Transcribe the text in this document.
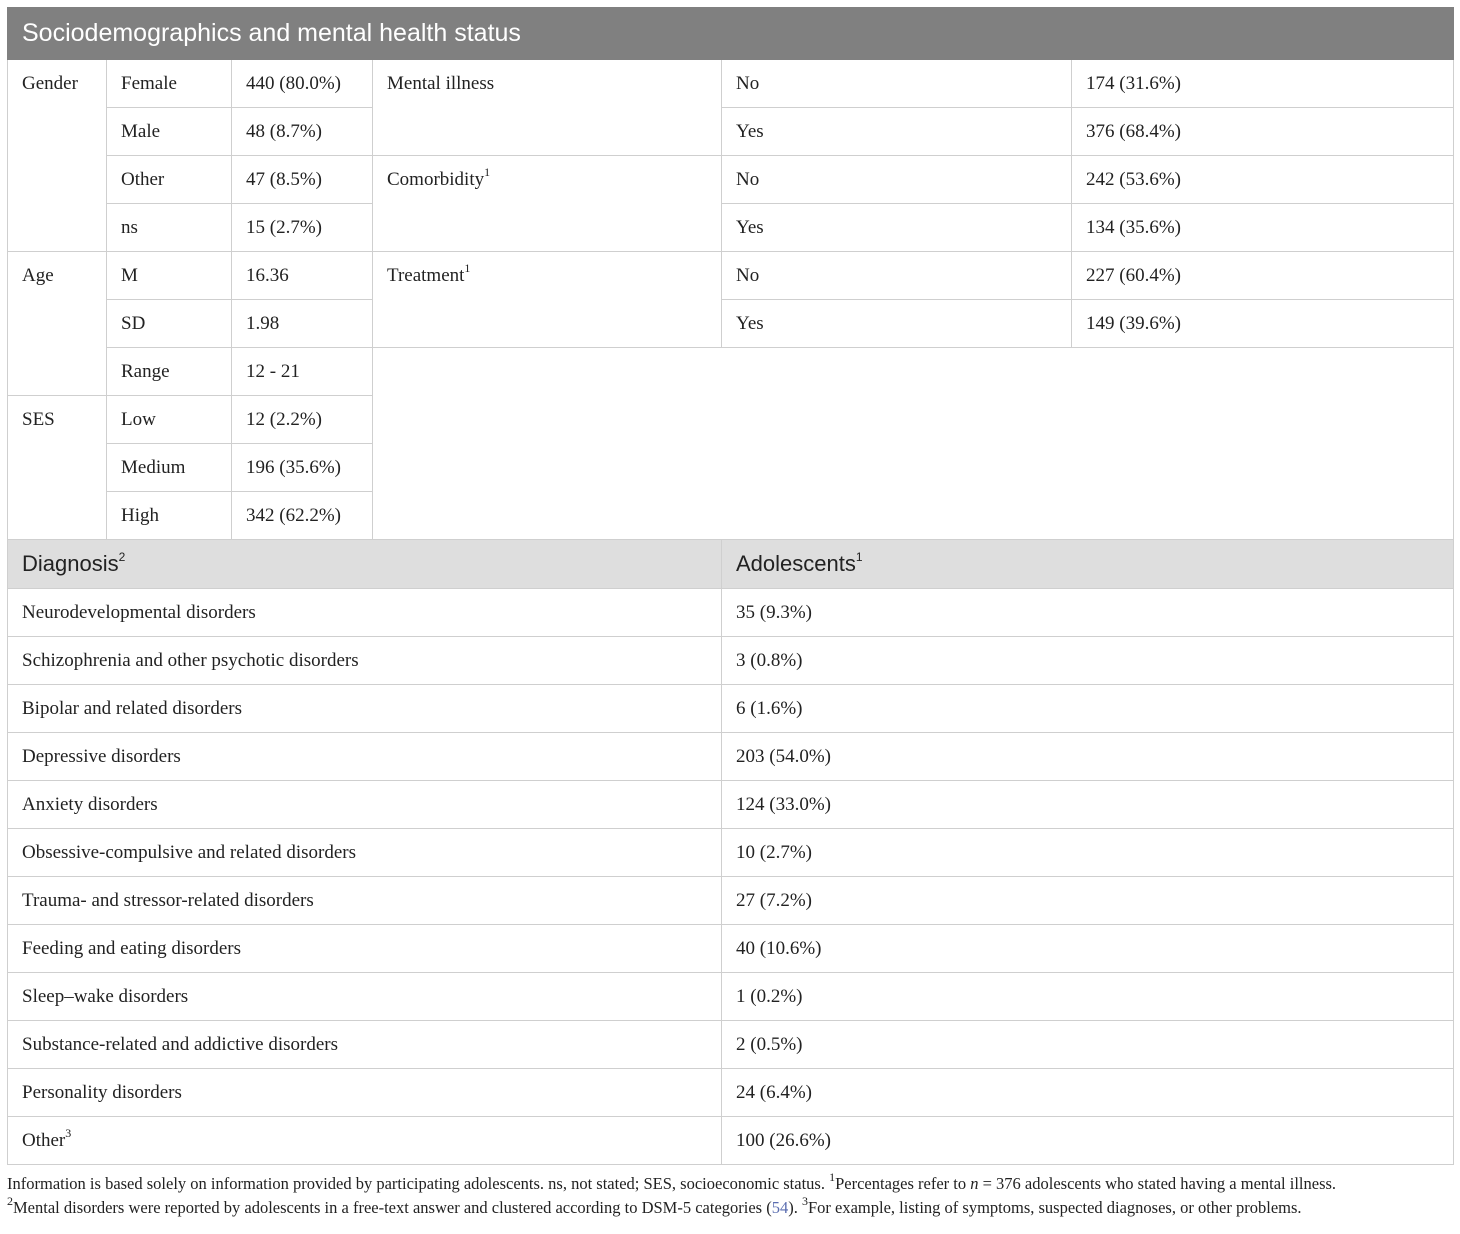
Sociodemographics and mental health status					
Gender	Female	440 (80.0%)	Mental illness	No	174 (31.6%)
	Male	48 (8.7%)		Yes	376 (68.4%)
	Other	47 (8.5%)	Comorbidity$^1$	No	242 (53.6%)
	ns	15 (2.7%)		Yes	134 (35.6%)
Age	M	16.36	Treatment$^1$	No	227 (60.4%)
	SD	1.98		Yes	149 (39.6%)
	Range	12 - 21			
SES	Low	12 (2.2%)			
	Medium	196 (35.6%)			
	High	342 (62.2%)			
Diagnosis$^2$				Adolescents$^1$
Neurodevelopmental disorders				35 (9.3%)	
Schizophrenia and other psychotic disorders				3 (0.8%)	
Bipolar and related disorders				6 (1.6%)	
Depressive disorders				203 (54.0%)	
Anxiety disorders				124 (33.0%)	
Obsessive-compulsive and related disorders				10 (2.7%)	
Trauma- and stressor-related disorders				27 (7.2%)	
Feeding and eating disorders				40 (10.6%)	
Sleep–wake disorders				1 (0.2%)	
Substance-related and addictive disorders				2 (0.5%)	
Personality disorders				24 (6.4%)	
Other$^3$				100 (26.6%)	

Information is based solely on information provided by participating adolescents. ns, not stated; SES, socioeconomic status. $^1$Percentages refer to n = 376 adolescents who stated having a mental illness.

$^2$Mental disorders were reported by adolescents in a free-text answer and clustered according to DSM-5 categories (54). $^3$For example, listing of symptoms, suspected diagnoses, or other problems.
